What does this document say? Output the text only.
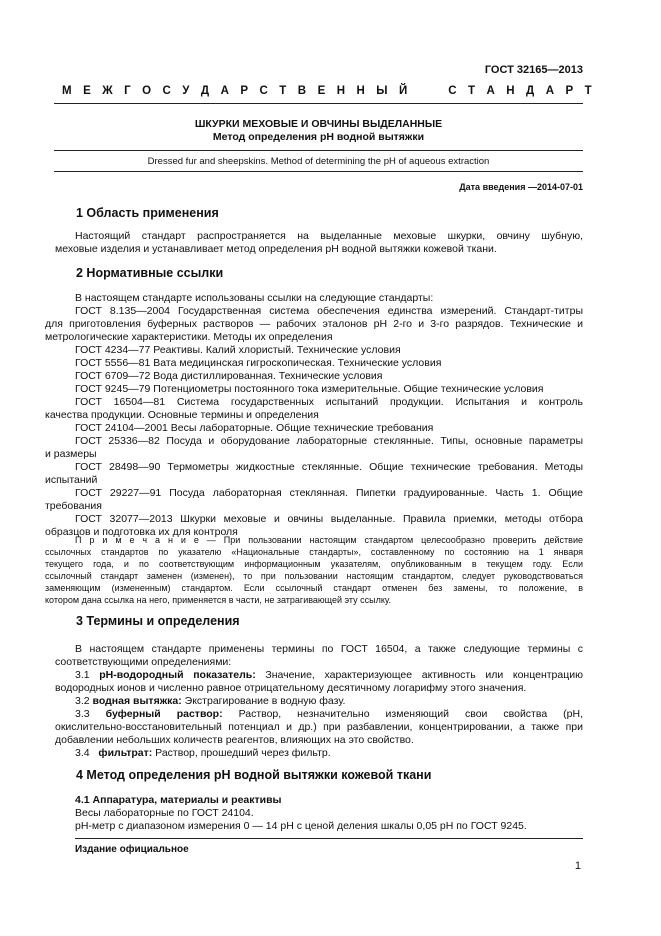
ГОСТ 32165—2013
М Е Ж Г О С У Д А Р С Т В Е Н Н Ы Й	С Т А Н Д А Р Т
ШКУРКИ МЕХОВЫЕ И ОВЧИНЫ ВЫДЕЛАННЫЕ
Метод определения рН водной вытяжки
Dressed fur and sheepskins. Method of determining the pH of aqueous extraction
Дата введения —2014-07-01
1 Область применения
Настоящий стандарт распространяется на выделанные меховые шкурки, овчину шубную,
меховые изделия и устанавливает метод определения рН водной вытяжки кожевой ткани.
2 Нормативные ссылки
В настоящем стандарте использованы ссылки на следующие стандарты:
ГОСТ 8.135—2004 Государственная система обеспечения единства измерений. Стандарт-титры
для приготовления буферных растворов — рабочих эталонов рН 2-го и 3-го разрядов. Технические и
метрологические характеристики. Методы их определения
ГОСТ 4234—77 Реактивы. Калий хлористый. Технические условия
ГОСТ 5556—81 Вата медицинская гигроскопическая. Технические условия
ГОСТ 6709—72 Вода дистиллированная. Технические условия
ГОСТ 9245—79 Потенциометры постоянного тока измерительные. Общие технические условия
ГОСТ 16504—81 Система государственных испытаний продукции. Испытания и контроль
качества продукции. Основные термины и определения
ГОСТ 24104—2001 Весы лабораторные. Общие технические требования
ГОСТ 25336—82 Посуда и оборудование лабораторные стеклянные. Типы, основные параметры
и размеры
ГОСТ 28498—90 Термометры жидкостные стеклянные. Общие технические требования. Методы
испытаний
ГОСТ 29227—91 Посуда лабораторная стеклянная. Пипетки градуированные. Часть 1. Общие
требования
ГОСТ 32077—2013 Шкурки меховые и овчины выделанные. Правила приемки, методы отбора
образцов и подготовка их для контроля
П р и м е ч а н и е — При пользовании настоящим стандартом целесообразно проверить действие
ссылочных стандартов по указателю «Национальные стандарты», составленному по состоянию на 1 января
текущего года, и по соответствующим информационным указателям, опубликованным в текущем году. Если
ссылочный стандарт заменен (изменен), то при пользовании настоящим стандартом, следует руководствоваться
заменяющим (измененным) стандартом. Если ссылочный стандарт отменен без замены, то положение, в
котором дана ссылка на него, применяется в части, не затрагивающей эту ссылку.
3 Термины и определения
В настоящем стандарте применены термины по ГОСТ 16504, а также следующие термины с
соответствующими определениями:
3.1 рН-водородный показатель: Значение, характеризующее активность или концентрацию
водородных ионов и численно равное отрицательному десятичному логарифму этого значения.
3.2 водная вытяжка: Экстрагирование в водную фазу.
3.3 буферный раствор: Раствор, незначительно изменяющий свои свойства (рН,
окислительно-восстановительный потенциал и др.) при разбавлении, концентрировании, а также при
добавлении небольших количеств реагентов, влияющих на это свойство.
3.4 фильтрат: Раствор, прошедший через фильтр.
4 Метод определения рН водной вытяжки кожевой ткани
4.1 Аппаратура, материалы и реактивы
Весы лабораторные по ГОСТ 24104.
рН-метр с диапазоном измерения 0 — 14 рН с ценой деления шкалы 0,05 рН по ГОСТ 9245.
Издание официальное
1
